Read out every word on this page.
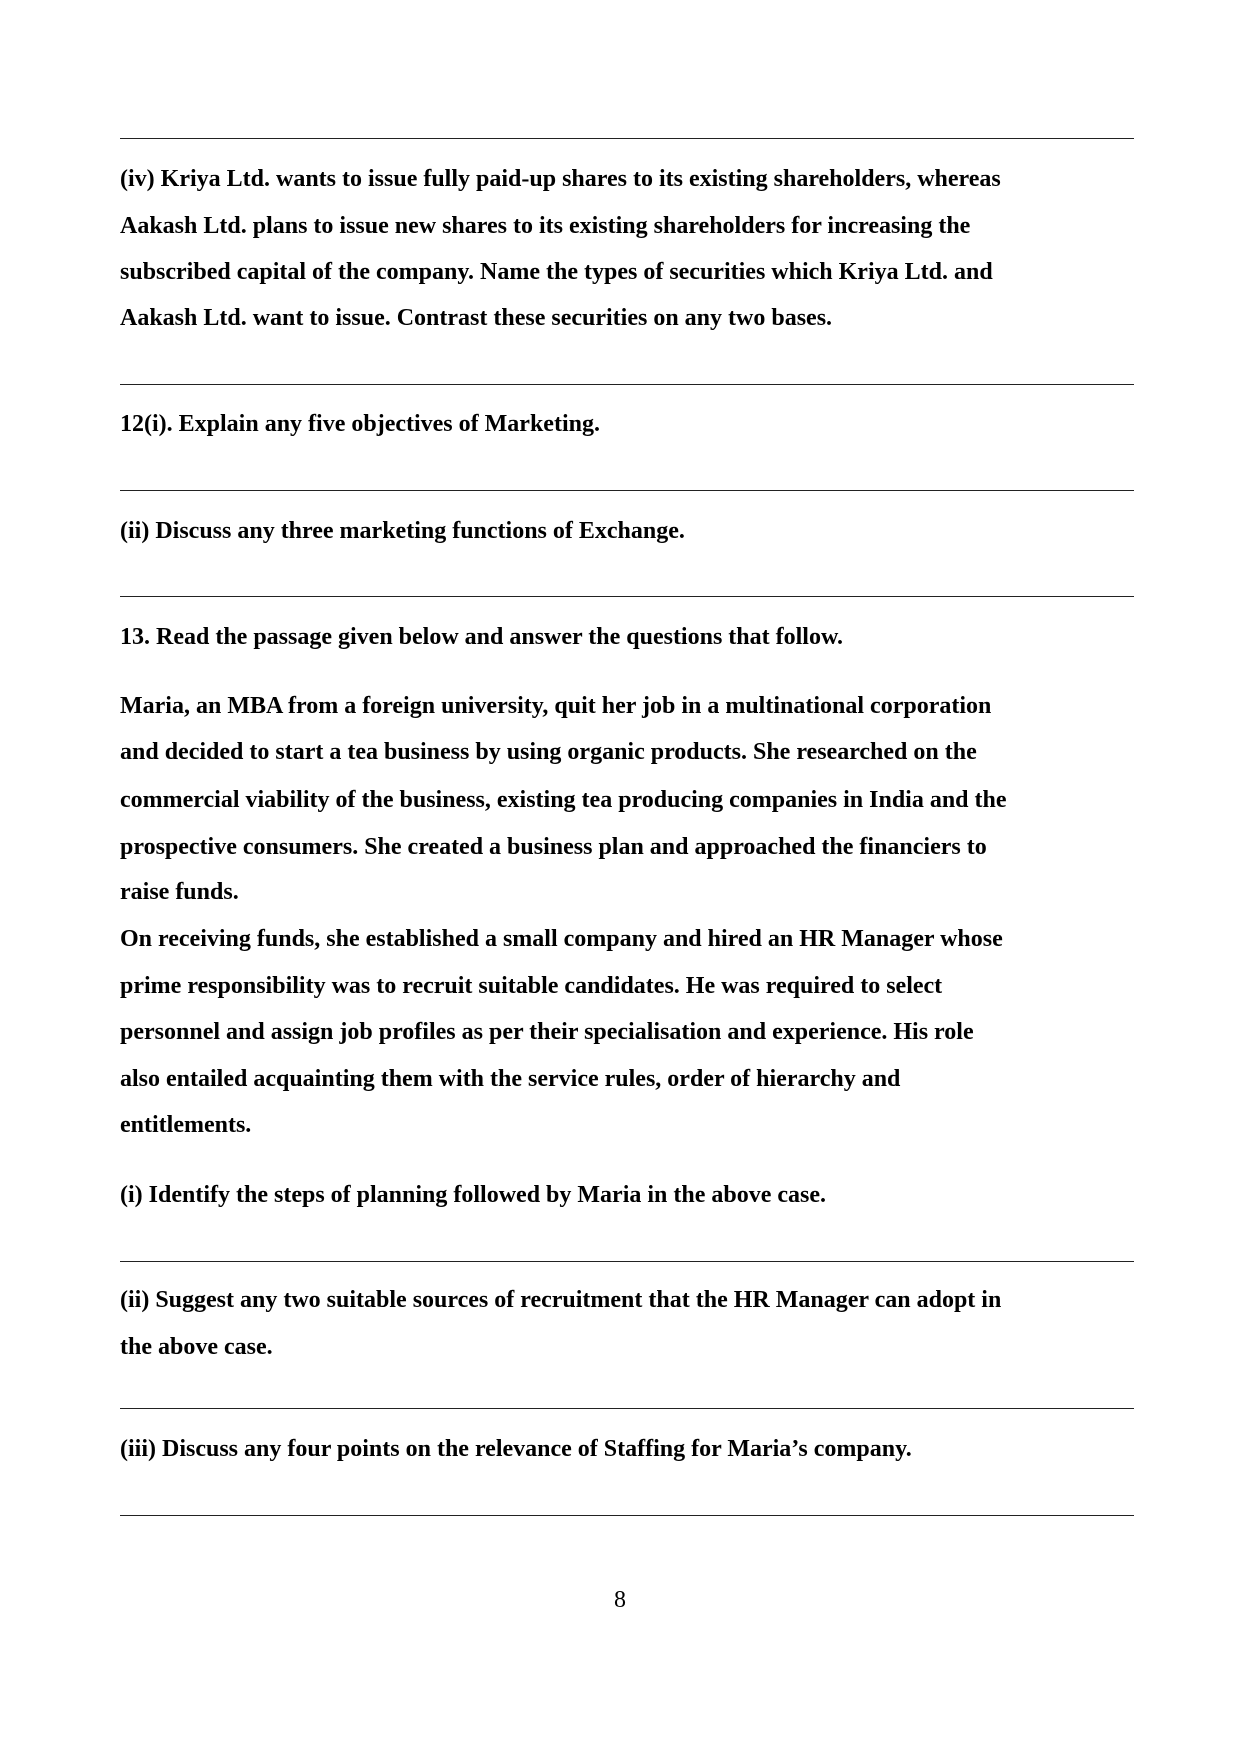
(iv) Kriya Ltd. wants to issue fully paid-up shares to its existing shareholders, whereas
Aakash Ltd. plans to issue new shares to its existing shareholders for increasing the
subscribed capital of the company. Name the types of securities which Kriya Ltd. and
Aakash Ltd. want to issue. Contrast these securities on any two bases.
12(i). Explain any five objectives of Marketing.
(ii) Discuss any three marketing functions of Exchange.
13. Read the passage given below and answer the questions that follow.
Maria, an MBA from a foreign university, quit her job in a multinational corporation
and decided to start a tea business by using organic products. She researched on the
commercial viability of the business, existing tea producing companies in India and the
prospective consumers. She created a business plan and approached the financiers to
raise funds.
On receiving funds, she established a small company and hired an HR Manager whose
prime responsibility was to recruit suitable candidates. He was required to select
personnel and assign job profiles as per their specialisation and experience. His role
also entailed acquainting them with the service rules, order of hierarchy and
entitlements.
(i) Identify the steps of planning followed by Maria in the above case.
(ii) Suggest any two suitable sources of recruitment that the HR Manager can adopt in
the above case.
(iii) Discuss any four points on the relevance of Staffing for Maria’s company.
8
